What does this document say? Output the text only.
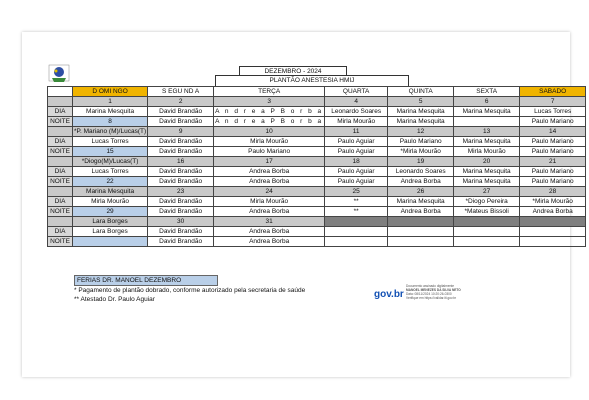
DEZEMBRO - 2024
PLANTÃO ANESTESIA HMIJ
	D OMI NGO	S EGU ND A	TERÇA	QUARTA	QUINTA	SEXTA	SABADO
	1	2	3	4	5	6	7
DIA	Marina Mesquita	David Brandão	A n d r e a P B o r b a	Leonardo Soares	Marina Mesquita	Marina Mesquita	Lucas Torres
NOITE	8	David Brandão	A n d r e a P B o r b a	Mirla Mourão	Marina Mesquita		Paulo Mariano
	*P. Mariano (M)/Lucas(T)	9	10	11	12	13	14
DIA	Lucas Torres	David Brandão	Mirla Mourão	Paulo Aguiar	Paulo Mariano	Marina Mesquita	Paulo Mariano
NOITE	15	David Brandão	Paulo Mariano	Paulo Aguiar	*Mirla Mourão	Mirla Mourão	Paulo Mariano
	*Diogo(M)/Lucas(T)	16	17	18	19	20	21
DIA	Lucas Torres	David Brandão	Andrea Borba	Paulo Aguiar	Leonardo Soares	Marina Mesquita	Paulo Mariano
NOITE	22	David Brandão	Andrea Borba	Paulo Aguiar	Andrea Borba	Marina Mesquita	Paulo Mariano
	Marina Mesquita	23	24	25	26	27	28
DIA	Mirla Mourão	David Brandão	Mirla Mourão	**	Marina Mesquita	*Diogo Pereira	*Mirla Mourão
NOITE	29	David Brandão	Andrea Borba	**	Andrea Borba	*Mateus Bissoli	Andrea Borba
	Lara Borges	30	31				
DIA	Lara Borges	David Brandão	Andrea Borba				
NOITE		David Brandão	Andrea Borba				
FERIAS DR. MANOEL DEZEMBRO
* Pagamento de plantão dobrado, conforme autorizado pela secretaria de saúde
** Atestado Dr. Paulo Aguiar	gov.br
Documento assinado digitalmente
MANOEL MENEZES DA SILVA NETO
Data: 08/11/2024 10:20:26-0300
Verifique em https://validar.iti.gov.br
